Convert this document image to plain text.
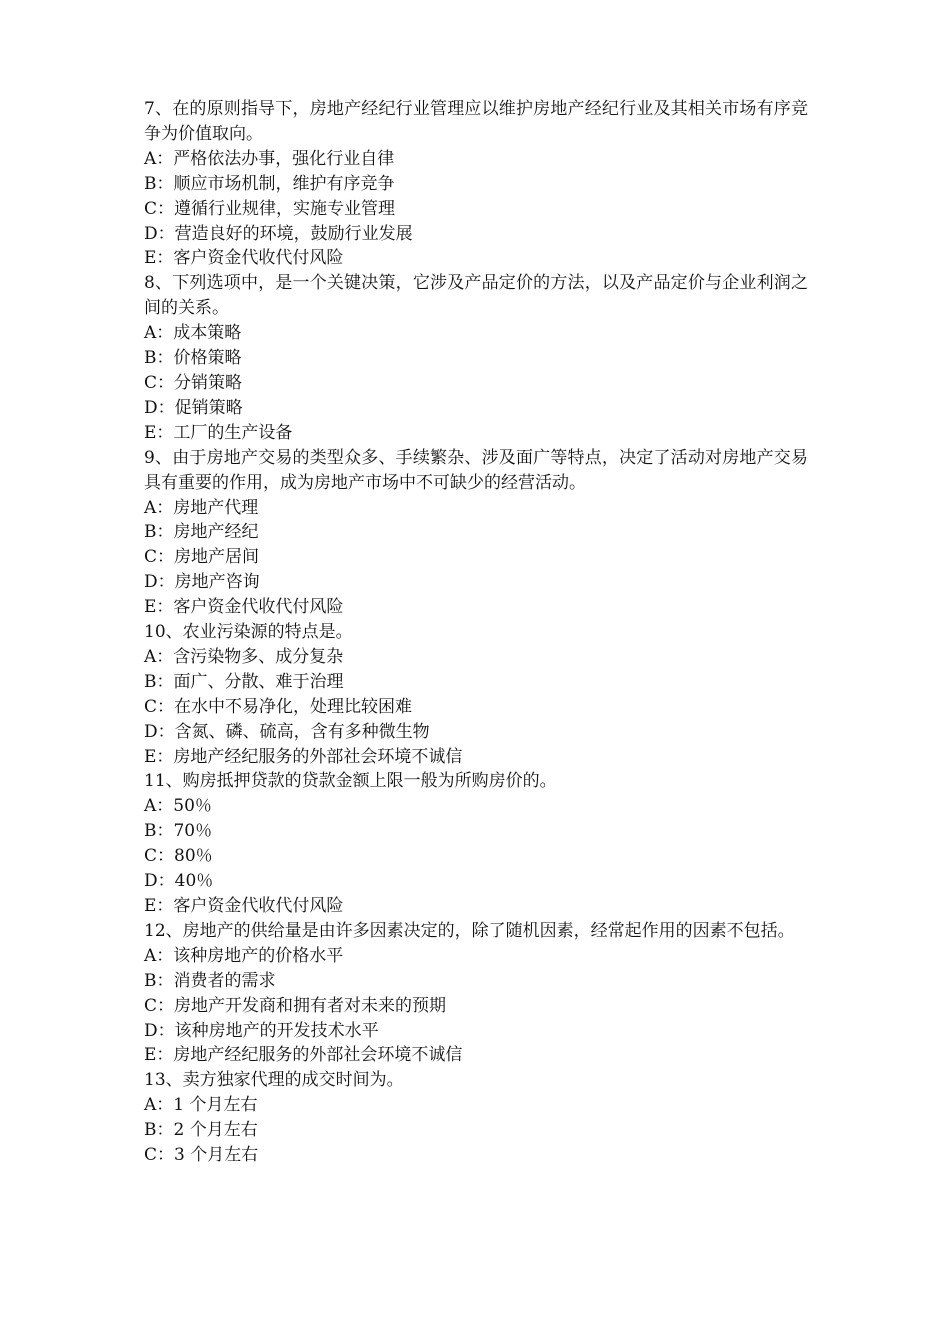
7、在的原则指导下，房地产经纪行业管理应以维护房地产经纪行业及其相关市场有序竞争为价值取向。

A：严格依法办事，强化行业自律

B：顺应市场机制，维护有序竞争

C：遵循行业规律，实施专业管理

D：营造良好的环境，鼓励行业发展

E：客户资金代收代付风险

8、下列选项中，是一个关键决策，它涉及产品定价的方法，以及产品定价与企业利润之间的关系。

A：成本策略

B：价格策略

C：分销策略

D：促销策略

E：工厂的生产设备

9、由于房地产交易的类型众多、手续繁杂、涉及面广等特点，决定了活动对房地产交易具有重要的作用，成为房地产市场中不可缺少的经营活动。

A：房地产代理

B：房地产经纪

C：房地产居间

D：房地产咨询

E：客户资金代收代付风险

10、农业污染源的特点是。

A：含污染物多、成分复杂

B：面广、分散、难于治理

C：在水中不易净化，处理比较困难

D：含氮、磷、硫高，含有多种微生物

E：房地产经纪服务的外部社会环境不诚信

11、购房抵押贷款的贷款金额上限一般为所购房价的。

A：50％

B：70％

C：80％

D：40％

E：客户资金代收代付风险

12、房地产的供给量是由许多因素决定的，除了随机因素，经常起作用的因素不包括。

A：该种房地产的价格水平

B：消费者的需求

C：房地产开发商和拥有者对未来的预期

D：该种房地产的开发技术水平

E：房地产经纪服务的外部社会环境不诚信

13、卖方独家代理的成交时间为。

A：1 个月左右

B：2 个月左右

C：3 个月左右
